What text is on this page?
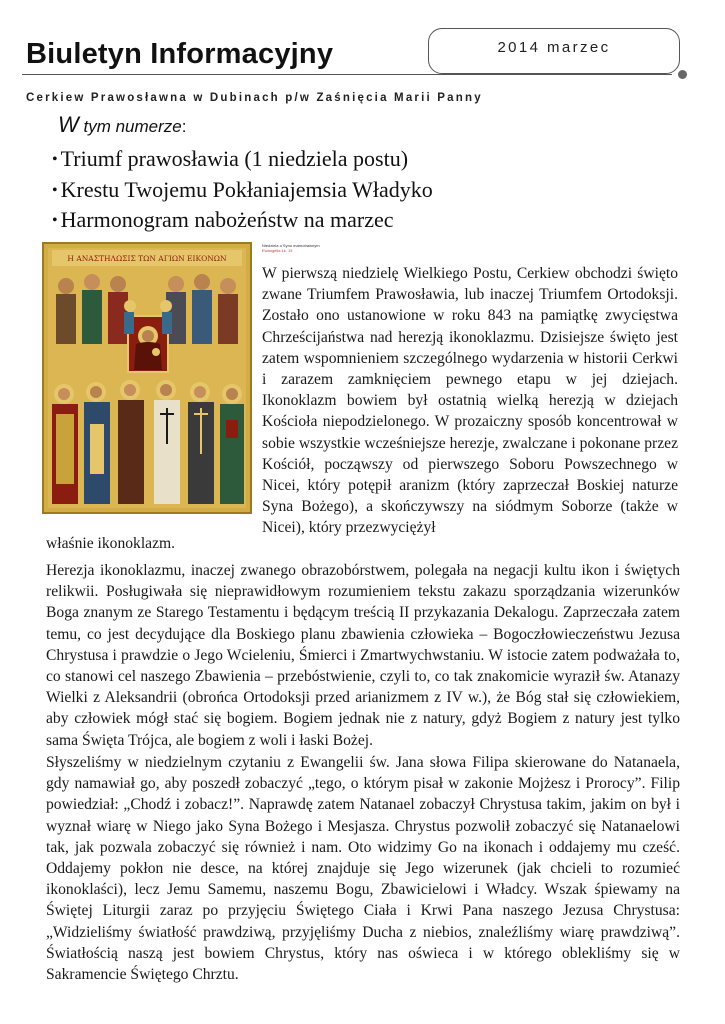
Biuletyn Informacyjny	2014 marzec
Cerkiew Prawosławna w Dubinach p/w Zaśnięcia Marii Panny
W tym numerze:
• Triumf prawosławia (1 niedziela postu)
• Krestu Twojemu Pokłaniajemsia Władyko
• Harmonogram nabożeństw na marzec
Η ΑΝΑΣΤΗΛΩΣΙΣ ΤΩΝ ΑΓΙΩΝ ΕΙΚΟΝΩΝ
Niedziela o Synu marnotrawnym
Ewangelia Łk. 15

W pierwszą niedzielę Wielkiego Postu, Cerkiew obchodzi święto zwane Triumfem Prawosławia, lub inaczej Triumfem Ortodoksji. Zostało ono ustanowione w roku 843 na pamiątkę zwycięstwa Chrześcijaństwa nad herezją ikonoklazmu. Dzisiejsze święto jest zatem wspomnieniem szczególnego wydarzenia w historii Cerkwi i zarazem zamknięciem pewnego etapu w jej dziejach. Ikonoklazm bowiem był ostatnią wielką herezją w dziejach Kościoła niepodzielonego. W prozaiczny sposób koncentrował w sobie wszystkie wcześniejsze herezje, zwalczane i pokonane przez Kościół, począwszy od pierwszego Soboru Powszechnego w Nicei, który potępił aranizm (który zaprzeczał Boskiej naturze Syna Bożego), a skończywszy na siódmym Soborze (także w Nicei), który przezwyciężył

właśnie ikonoklazm.

Herezja ikonoklazmu, inaczej zwanego obrazobórstwem, polegała na negacji kultu ikon i świętych relikwii. Posługiwała się nieprawidłowym rozumieniem tekstu zakazu sporządzania wizerunków Boga znanym ze Starego Testamentu i będącym treścią II przykazania Dekalogu. Zaprzeczała zatem temu, co jest decydujące dla Boskiego planu zbawienia człowieka – Bogoczłowieczeństwu Jezusa Chrystusa i prawdzie o Jego Wcieleniu, Śmierci i Zmartwychwstaniu. W istocie zatem podważała to, co stanowi cel naszego Zbawienia – przebóstwienie, czyli to, co tak znakomicie wyraził św. Atanazy Wielki z Aleksandrii (obrońca Ortodoksji przed arianizmem z IV w.), że Bóg stał się człowiekiem, aby człowiek mógł stać się bogiem. Bogiem jednak nie z natury, gdyż Bogiem z natury jest tylko sama Święta Trójca, ale bogiem z woli i łaski Bożej.

Słyszeliśmy w niedzielnym czytaniu z Ewangelii św. Jana słowa Filipa skierowane do Natanaela, gdy namawiał go, aby poszedł zobaczyć „tego, o którym pisał w zakonie Mojżesz i Prorocy”. Filip powiedział: „Chodź i zobacz!”. Naprawdę zatem Natanael zobaczył Chrystusa takim, jakim on był i wyznał wiarę w Niego jako Syna Bożego i Mesjasza. Chrystus pozwolił zobaczyć się Natanaelowi tak, jak pozwala zobaczyć się również i nam. Oto widzimy Go na ikonach i oddajemy mu cześć. Oddajemy pokłon nie desce, na której znajduje się Jego wizerunek (jak chcieli to rozumieć ikonoklaści), lecz Jemu Samemu, naszemu Bogu, Zbawicielowi i Władcy. Wszak śpiewamy na Świętej Liturgii zaraz po przyjęciu Świętego Ciała i Krwi Pana naszego Jezusa Chrystusa: „Widzieliśmy światłość prawdziwą, przyjęliśmy Ducha z niebios, znaleźliśmy wiarę prawdziwą”. Światłością naszą jest bowiem Chrystus, który nas oświeca i w którego oblekliśmy się w Sakramencie Świętego Chrztu.
